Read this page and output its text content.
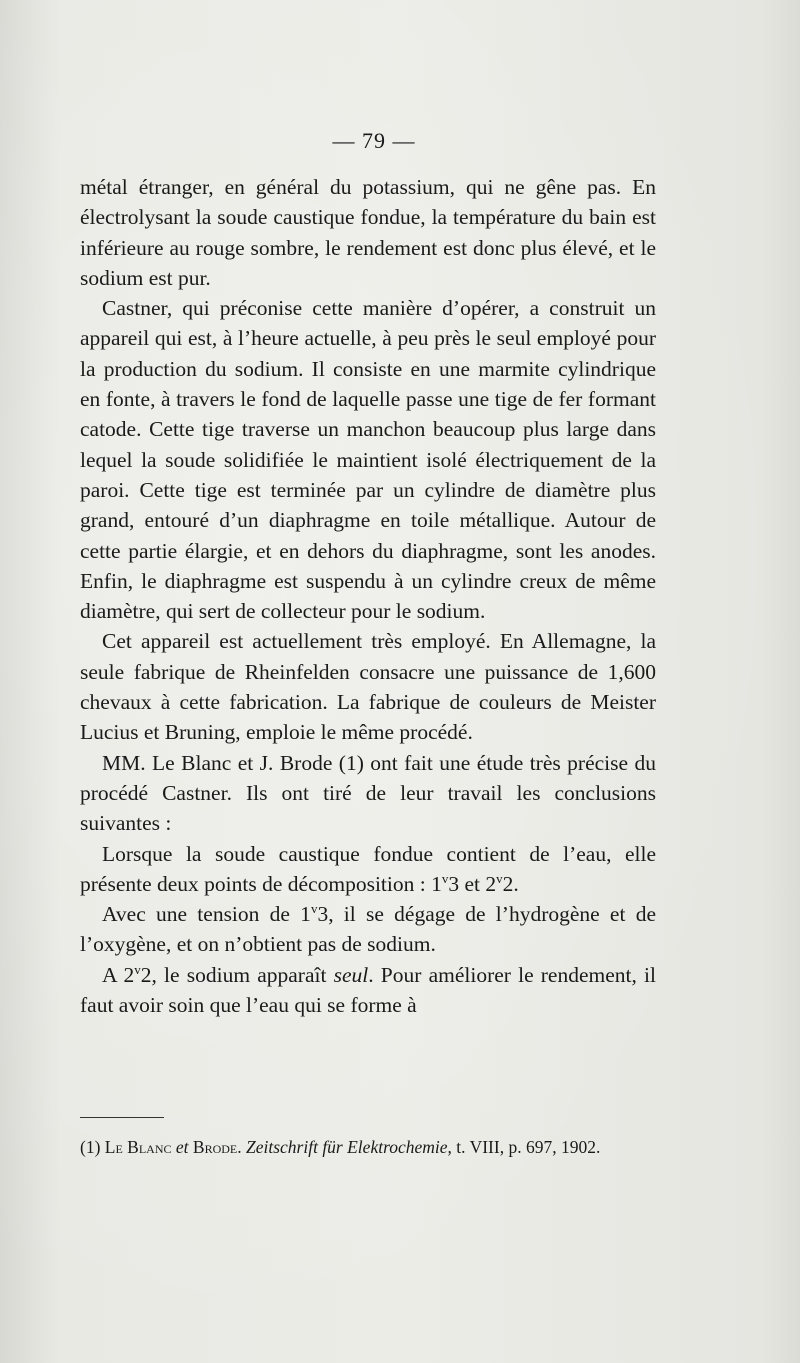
— 79 —

métal étranger, en général du potassium, qui ne gêne pas. En électrolysant la soude caustique fondue, la température du bain est inférieure au rouge sombre, le rendement est donc plus élevé, et le sodium est pur.

Castner, qui préconise cette manière d’opérer, a construit un appareil qui est, à l’heure actuelle, à peu près le seul employé pour la production du sodium. Il consiste en une marmite cylindrique en fonte, à travers le fond de laquelle passe une tige de fer formant catode. Cette tige traverse un manchon beaucoup plus large dans lequel la soude solidifiée le maintient isolé électriquement de la paroi. Cette tige est terminée par un cylindre de diamètre plus grand, entouré d’un diaphragme en toile métallique. Autour de cette partie élargie, et en dehors du diaphragme, sont les anodes. Enfin, le diaphragme est suspendu à un cylindre creux de même diamètre, qui sert de collecteur pour le sodium.

Cet appareil est actuellement très employé. En Allemagne, la seule fabrique de Rheinfelden consacre une puissance de 1,600 chevaux à cette fabrication. La fabrique de couleurs de Meister Lucius et Bruning, emploie le même procédé.

MM. Le Blanc et J. Brode (1) ont fait une étude très précise du procédé Castner. Ils ont tiré de leur travail les conclusions suivantes :

Lorsque la soude caustique fondue contient de l’eau, elle présente deux points de décomposition : 1$^v$3 et 2$^v$2.

Avec une tension de 1$^v$3, il se dégage de l’hydrogène et de l’oxygène, et on n’obtient pas de sodium.

A 2$^v$2, le sodium apparaît seul. Pour améliorer le rendement, il faut avoir soin que l’eau qui se forme à

(1) Le Blanc et Brode. Zeitschrift für Elektrochemie, t. VIII, p. 697, 1902.
